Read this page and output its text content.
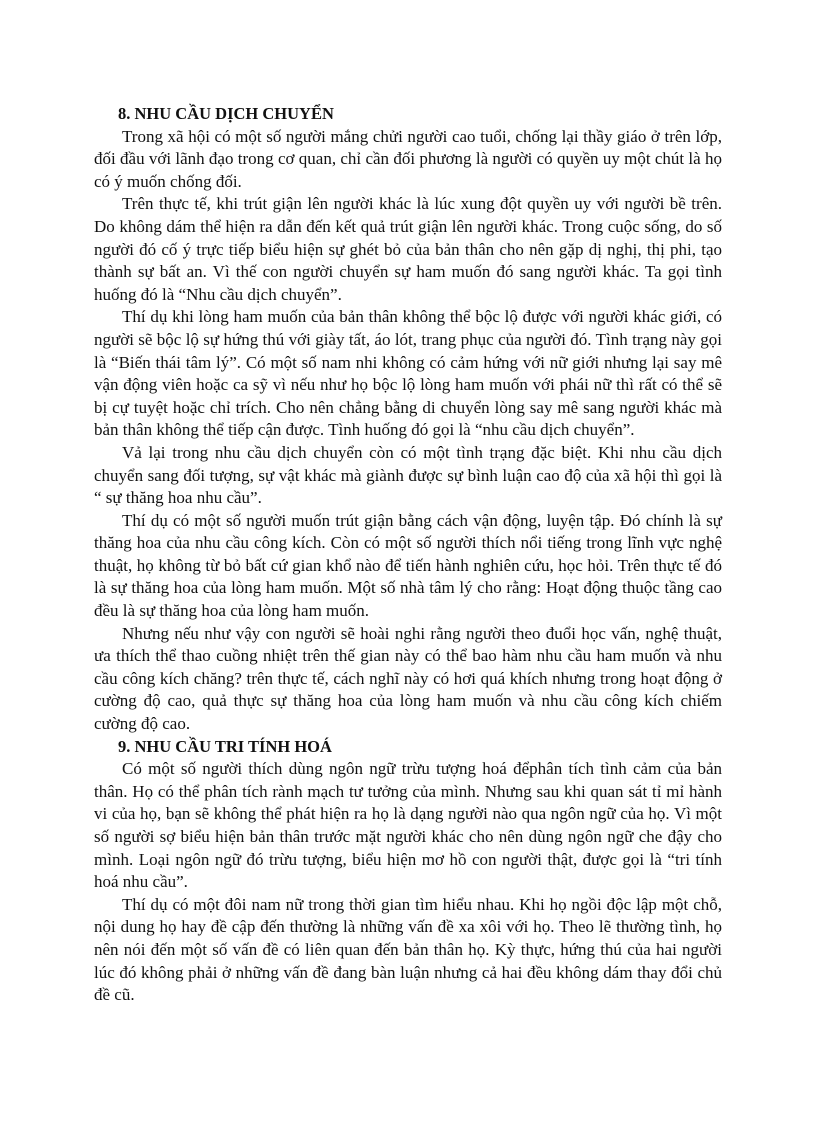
8. NHU CẦU DỊCH CHUYỂN

Trong xã hội có một số người mắng chửi người cao tuổi, chống lại thầy giáo ở trên lớp, đối đầu với lãnh đạo trong cơ quan, chỉ cần đối phương là người có quyền uy một chút là họ có ý muốn chống đối.

Trên thực tế, khi trút giận lên người khác là lúc xung đột quyền uy với người bề trên. Do không dám thể hiện ra dẫn đến kết quả trút giận lên người khác. Trong cuộc sống, do số người đó cố ý trực tiếp biểu hiện sự ghét bỏ của bản thân cho nên gặp dị nghị, thị phi, tạo thành sự bất an. Vì thế con người chuyển sự ham muốn đó sang người khác. Ta gọi tình huống đó là “Nhu cầu dịch chuyển”.

Thí dụ khi lòng ham muốn của bản thân không thể bộc lộ được với người khác giới, có người sẽ bộc lộ sự hứng thú với giày tất, áo lót, trang phục của người đó. Tình trạng này gọi là “Biến thái tâm lý”. Có một số nam nhi không có cảm hứng với nữ giới nhưng lại say mê vận động viên hoặc ca sỹ vì nếu như họ bộc lộ lòng ham muốn với phái nữ thì rất có thể sẽ bị cự tuyệt hoặc chỉ trích. Cho nên chẳng bằng di chuyển lòng say mê sang người khác mà bản thân không thể tiếp cận được. Tình huống đó gọi là “nhu cầu dịch chuyển”.

Vả lại trong nhu cầu dịch chuyển còn có một tình trạng đặc biệt. Khi nhu cầu dịch chuyển sang đối tượng, sự vật khác mà giành được sự bình luận cao độ của xã hội thì gọi là “ sự thăng hoa nhu cầu”.

Thí dụ có một số người muốn trút giận bằng cách vận động, luyện tập. Đó chính là sự thăng hoa của nhu cầu công kích. Còn có một số người thích nổi tiếng trong lĩnh vực nghệ thuật, họ không từ bỏ bất cứ gian khổ nào để tiến hành nghiên cứu, học hỏi. Trên thực tế đó là sự thăng hoa của lòng ham muốn. Một số nhà tâm lý cho rằng: Hoạt động thuộc tầng cao đều là sự thăng hoa của lòng ham muốn.

Nhưng nếu như vậy con người sẽ hoài nghi rằng người theo đuổi học vấn, nghệ thuật, ưa thích thể thao cuồng nhiệt trên thế gian này có thể bao hàm nhu cầu ham muốn và nhu cầu công kích chăng? trên thực tế, cách nghĩ này có hơi quá khích nhưng trong hoạt động ở cường độ cao, quả thực sự thăng hoa của lòng ham muốn và nhu cầu công kích chiếm cường độ cao.

9. NHU CẦU TRI TÍNH HOÁ

Có một số người thích dùng ngôn ngữ trừu tượng hoá đểphân tích tình cảm của bản thân. Họ có thể phân tích rành mạch tư tưởng của mình. Nhưng sau khi quan sát tỉ mỉ hành vi của họ, bạn sẽ không thể phát hiện ra họ là dạng người nào qua ngôn ngữ của họ. Vì một số người sợ biểu hiện bản thân trước mặt người khác cho nên dùng ngôn ngữ che đậy cho mình. Loại ngôn ngữ đó trừu tượng, biểu hiện mơ hồ con người thật, được gọi là “tri tính hoá nhu cầu”.

Thí dụ có một đôi nam nữ trong thời gian tìm hiểu nhau. Khi họ ngồi độc lập một chỗ, nội dung họ hay đề cập đến thường là những vấn đề xa xôi với họ. Theo lẽ thường tình, họ nên nói đến một số vấn đề có liên quan đến bản thân họ. Kỳ thực, hứng thú của hai người lúc đó không phải ở những vấn đề đang bàn luận nhưng cả hai đều không dám thay đổi chủ đề cũ.
